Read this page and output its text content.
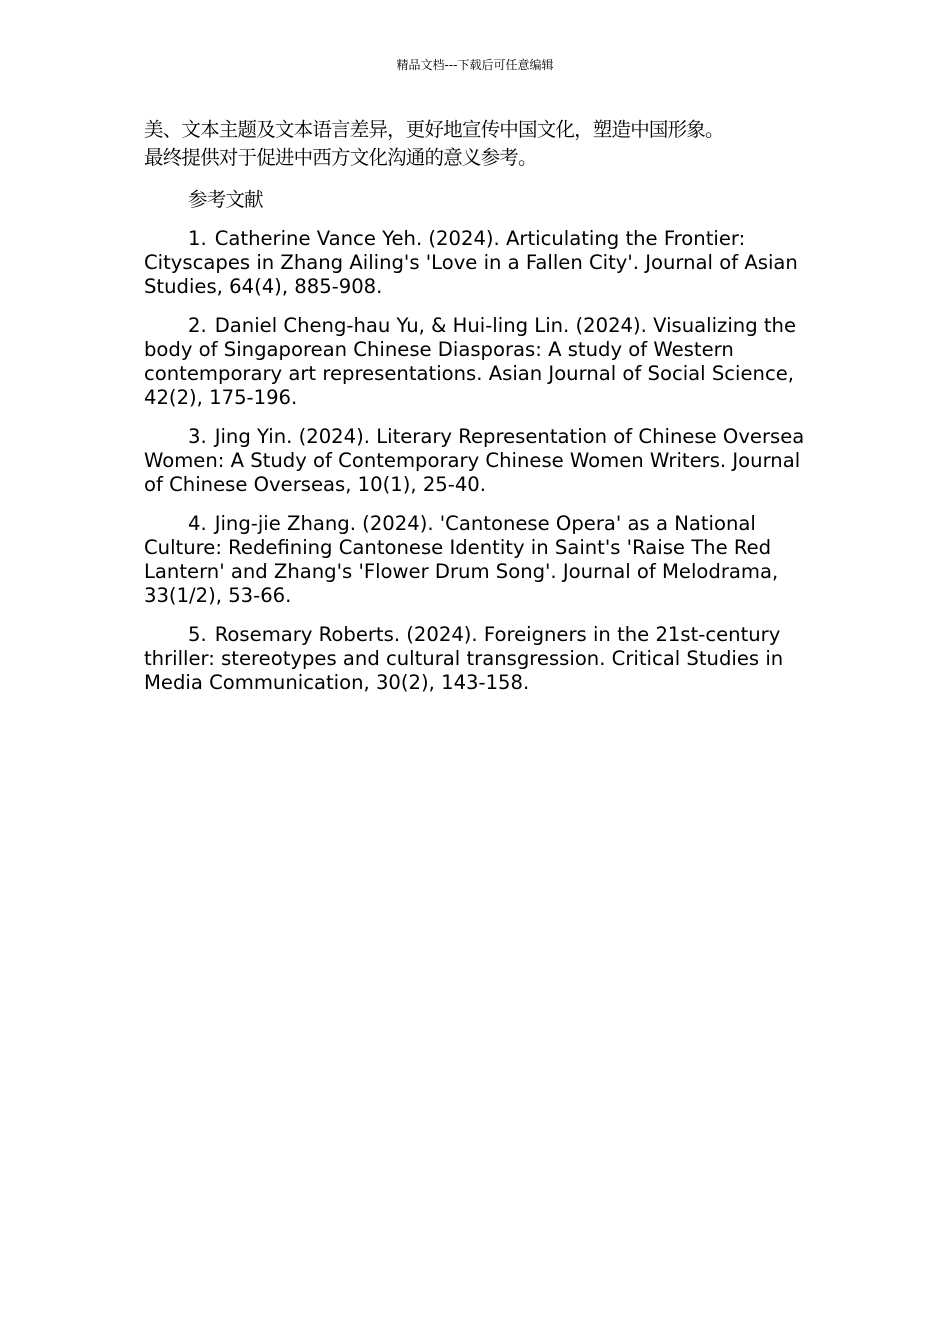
精品文档---下载后可任意编辑

美、文本主题及文本语言差异，更好地宣传中国文化，塑造中国形象。
最终提供对于促进中西方文化沟通的意义参考。

参考文献
1. Catherine Vance Yeh. (2024). Articulating the Frontier: Cityscapes in Zhang Ailing's 'Love in a Fallen City'. Journal of Asian Studies, 64(4), 885-908.
2. Daniel Cheng-hau Yu, & Hui-ling Lin. (2024). Visualizing the body of Singaporean Chinese Diasporas: A study of Western contemporary art representations. Asian Journal of Social Science, 42(2), 175-196.
3. Jing Yin. (2024). Literary Representation of Chinese Oversea Women: A Study of Contemporary Chinese Women Writers. Journal of Chinese Overseas, 10(1), 25-40.
4. Jing-jie Zhang. (2024). 'Cantonese Opera' as a National Culture: Redefining Cantonese Identity in Saint's 'Raise The Red Lantern' and Zhang's 'Flower Drum Song'. Journal of Melodrama, 33(1/2), 53-66.
5. Rosemary Roberts. (2024). Foreigners in the 21st-century thriller: stereotypes and cultural transgression. Critical Studies in Media Communication, 30(2), 143-158.
